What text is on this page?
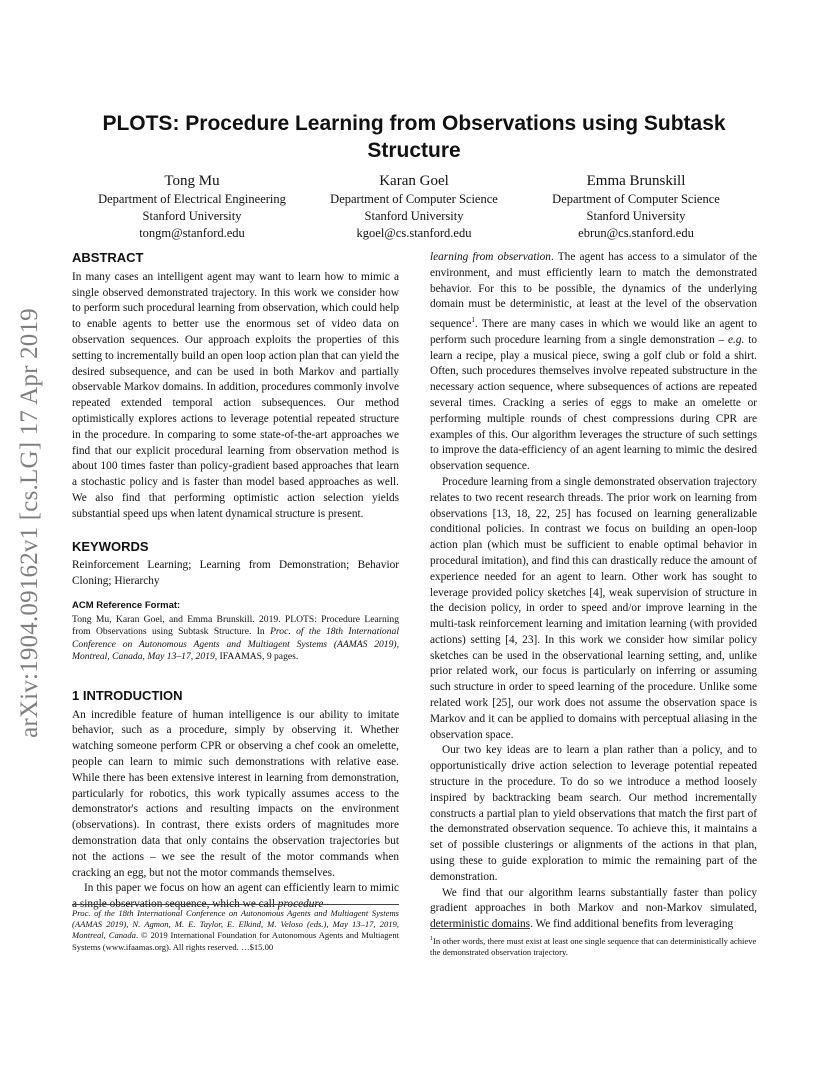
arXiv:1904.09162v1 [cs.LG] 17 Apr 2019
PLOTS: Procedure Learning from Observations using Subtask Structure
Tong Mu
Department of Electrical Engineering
Stanford University
tongm@stanford.edu
Karan Goel
Department of Computer Science
Stanford University
kgoel@cs.stanford.edu
Emma Brunskill
Department of Computer Science
Stanford University
ebrun@cs.stanford.edu
ABSTRACT

In many cases an intelligent agent may want to learn how to mimic a single observed demonstrated trajectory. In this work we consider how to perform such procedural learning from observation, which could help to enable agents to better use the enormous set of video data on observation sequences. Our approach exploits the properties of this setting to incrementally build an open loop action plan that can yield the desired subsequence, and can be used in both Markov and partially observable Markov domains. In addition, procedures commonly involve repeated extended temporal action subsequences. Our method optimistically explores actions to leverage potential repeated structure in the procedure. In comparing to some state-of-the-art approaches we find that our explicit procedural learning from observation method is about 100 times faster than policy-gradient based approaches that learn a stochastic policy and is faster than model based approaches as well. We also find that performing optimistic action selection yields substantial speed ups when latent dynamical structure is present.

KEYWORDS

Reinforcement Learning; Learning from Demonstration; Behavior Cloning; Hierarchy

ACM Reference Format:

Tong Mu, Karan Goel, and Emma Brunskill. 2019. PLOTS: Procedure Learning from Observations using Subtask Structure. In Proc. of the 18th International Conference on Autonomous Agents and Multiagent Systems (AAMAS 2019), Montreal, Canada, May 13–17, 2019, IFAAMAS, 9 pages.

1 INTRODUCTION

An incredible feature of human intelligence is our ability to imitate behavior, such as a procedure, simply by observing it. Whether watching someone perform CPR or observing a chef cook an omelette, people can learn to mimic such demonstrations with relative ease. While there has been extensive interest in learning from demonstration, particularly for robotics, this work typically assumes access to the demonstrator's actions and resulting impacts on the environment (observations). In contrast, there exists orders of magnitudes more demonstration data that only contains the observation trajectories but not the actions – we see the result of the motor commands when cracking an egg, but not the motor commands themselves.

In this paper we focus on how an agent can efficiently learn to mimic a single observation sequence, which we call procedure

Proc. of the 18th International Conference on Autonomous Agents and Multiagent Systems (AAMAS 2019), N. Agmon, M. E. Taylor, E. Elkind, M. Veloso (eds.), May 13–17, 2019, Montreal, Canada. © 2019 International Foundation for Autonomous Agents and Multiagent Systems (www.ifaamas.org). All rights reserved. …$15.00

learning from observation. The agent has access to a simulator of the environment, and must efficiently learn to match the demonstrated behavior. For this to be possible, the dynamics of the underlying domain must be deterministic, at least at the level of the observation sequence$^1$. There are many cases in which we would like an agent to perform such procedure learning from a single demonstration – e.g. to learn a recipe, play a musical piece, swing a golf club or fold a shirt. Often, such procedures themselves involve repeated substructure in the necessary action sequence, where subsequences of actions are repeated several times. Cracking a series of eggs to make an omelette or performing multiple rounds of chest compressions during CPR are examples of this. Our algorithm leverages the structure of such settings to improve the data-efficiency of an agent learning to mimic the desired observation sequence.

Procedure learning from a single demonstrated observation trajectory relates to two recent research threads. The prior work on learning from observations [13, 18, 22, 25] has focused on learning generalizable conditional policies. In contrast we focus on building an open-loop action plan (which must be sufficient to enable optimal behavior in procedural imitation), and find this can drastically reduce the amount of experience needed for an agent to learn. Other work has sought to leverage provided policy sketches [4], weak supervision of structure in the decision policy, in order to speed and/or improve learning in the multi-task reinforcement learning and imitation learning (with provided actions) setting [4, 23]. In this work we consider how similar policy sketches can be used in the observational learning setting, and, unlike prior related work, our focus is particularly on inferring or assuming such structure in order to speed learning of the procedure. Unlike some related work [25], our work does not assume the observation space is Markov and it can be applied to domains with perceptual aliasing in the observation space.

Our two key ideas are to learn a plan rather than a policy, and to opportunistically drive action selection to leverage potential repeated structure in the procedure. To do so we introduce a method loosely inspired by backtracking beam search. Our method incrementally constructs a partial plan to yield observations that match the first part of the demonstrated observation sequence. To achieve this, it maintains a set of possible clusterings or alignments of the actions in that plan, using these to guide exploration to mimic the remaining part of the demonstration.

We find that our algorithm learns substantially faster than policy gradient approaches in both Markov and non-Markov simulated, deterministic domains. We find additional benefits from leveraging

$^1$In other words, there must exist at least one single sequence that can deterministically achieve the demonstrated observation trajectory.
